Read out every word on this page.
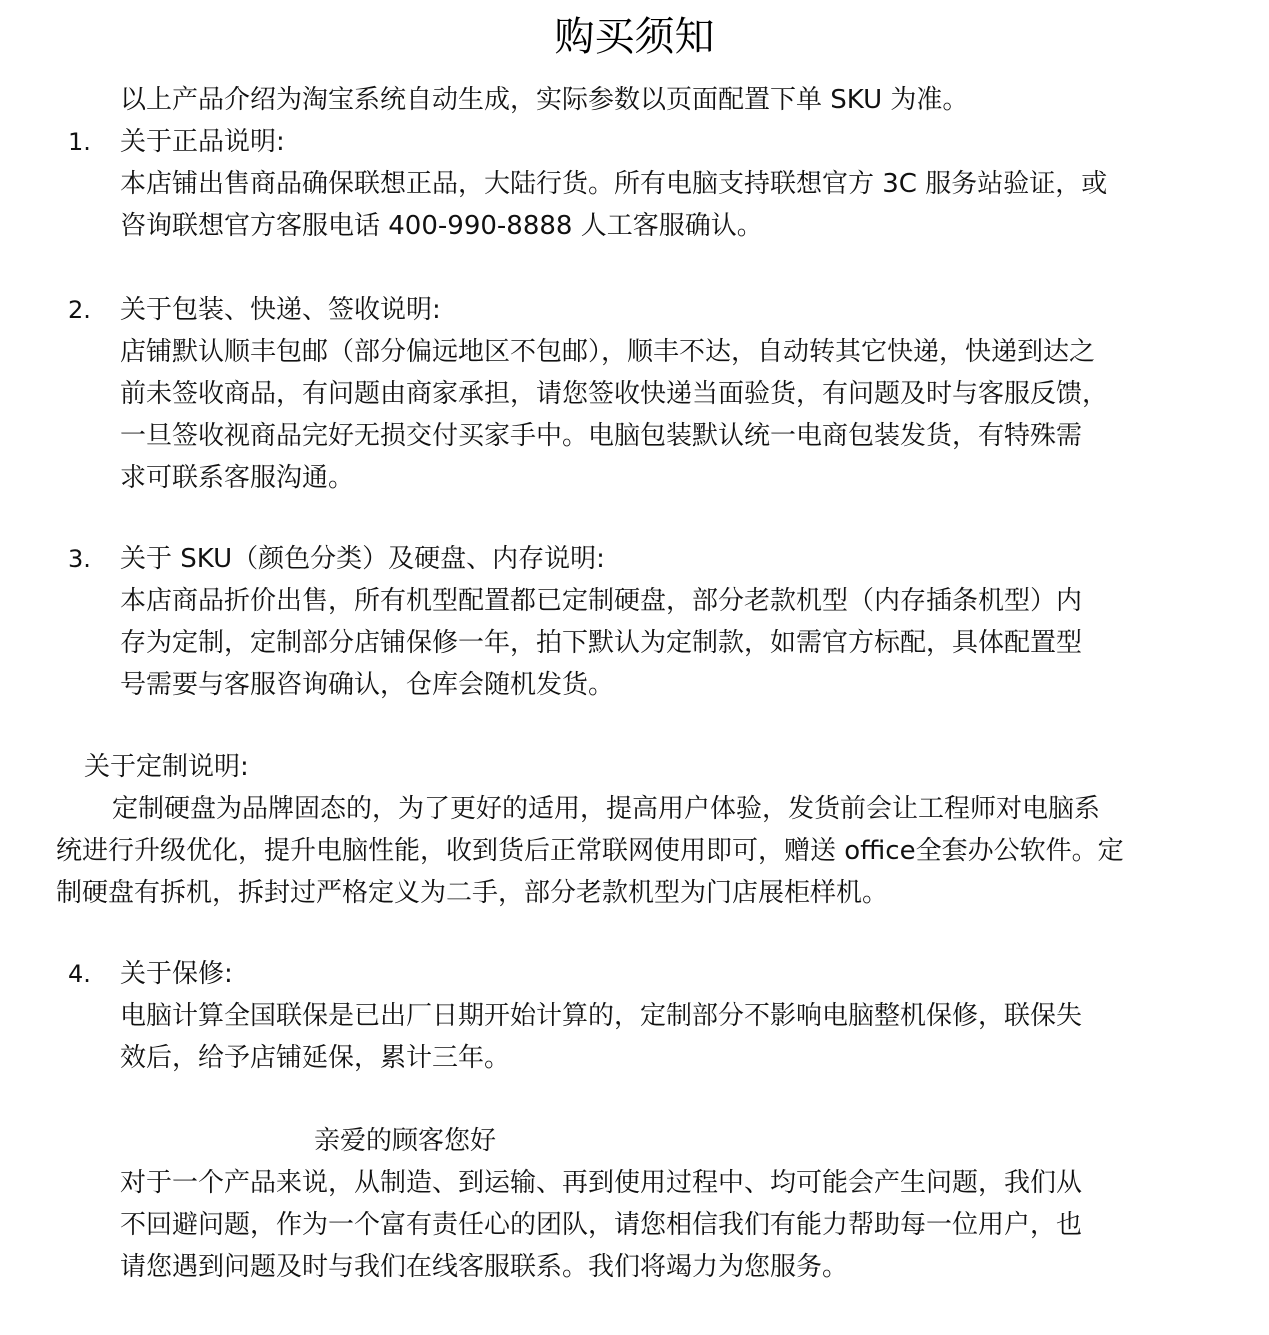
购买须知
以上产品介绍为淘宝系统自动生成，实际参数以页面配置下单 SKU 为准。
1. 关于正品说明:
本店铺出售商品确保联想正品，大陆行货。所有电脑支持联想官方 3C 服务站验证，或
咨询联想官方客服电话 400-990-8888 人工客服确认。
2. 关于包装、快递、签收说明:
店铺默认顺丰包邮（部分偏远地区不包邮），顺丰不达，自动转其它快递，快递到达之
前未签收商品，有问题由商家承担，请您签收快递当面验货，有问题及时与客服反馈，
一旦签收视商品完好无损交付买家手中。电脑包装默认统一电商包装发货，有特殊需
求可联系客服沟通。
3. 关于 SKU（颜色分类）及硬盘、内存说明:
本店商品折价出售，所有机型配置都已定制硬盘，部分老款机型（内存插条机型）内
存为定制，定制部分店铺保修一年，拍下默认为定制款，如需官方标配，具体配置型
号需要与客服咨询确认，仓库会随机发货。
关于定制说明:
定制硬盘为品牌固态的，为了更好的适用，提高用户体验，发货前会让工程师对电脑系
统进行升级优化，提升电脑性能，收到货后正常联网使用即可，赠送 office全套办公软件。定
制硬盘有拆机，拆封过严格定义为二手，部分老款机型为门店展柜样机。
4. 关于保修:
电脑计算全国联保是已出厂日期开始计算的，定制部分不影响电脑整机保修，联保失
效后，给予店铺延保，累计三年。
亲爱的顾客您好
对于一个产品来说，从制造、到运输、再到使用过程中、均可能会产生问题，我们从
不回避问题，作为一个富有责任心的团队，请您相信我们有能力帮助每一位用户，也
请您遇到问题及时与我们在线客服联系。我们将竭力为您服务。
